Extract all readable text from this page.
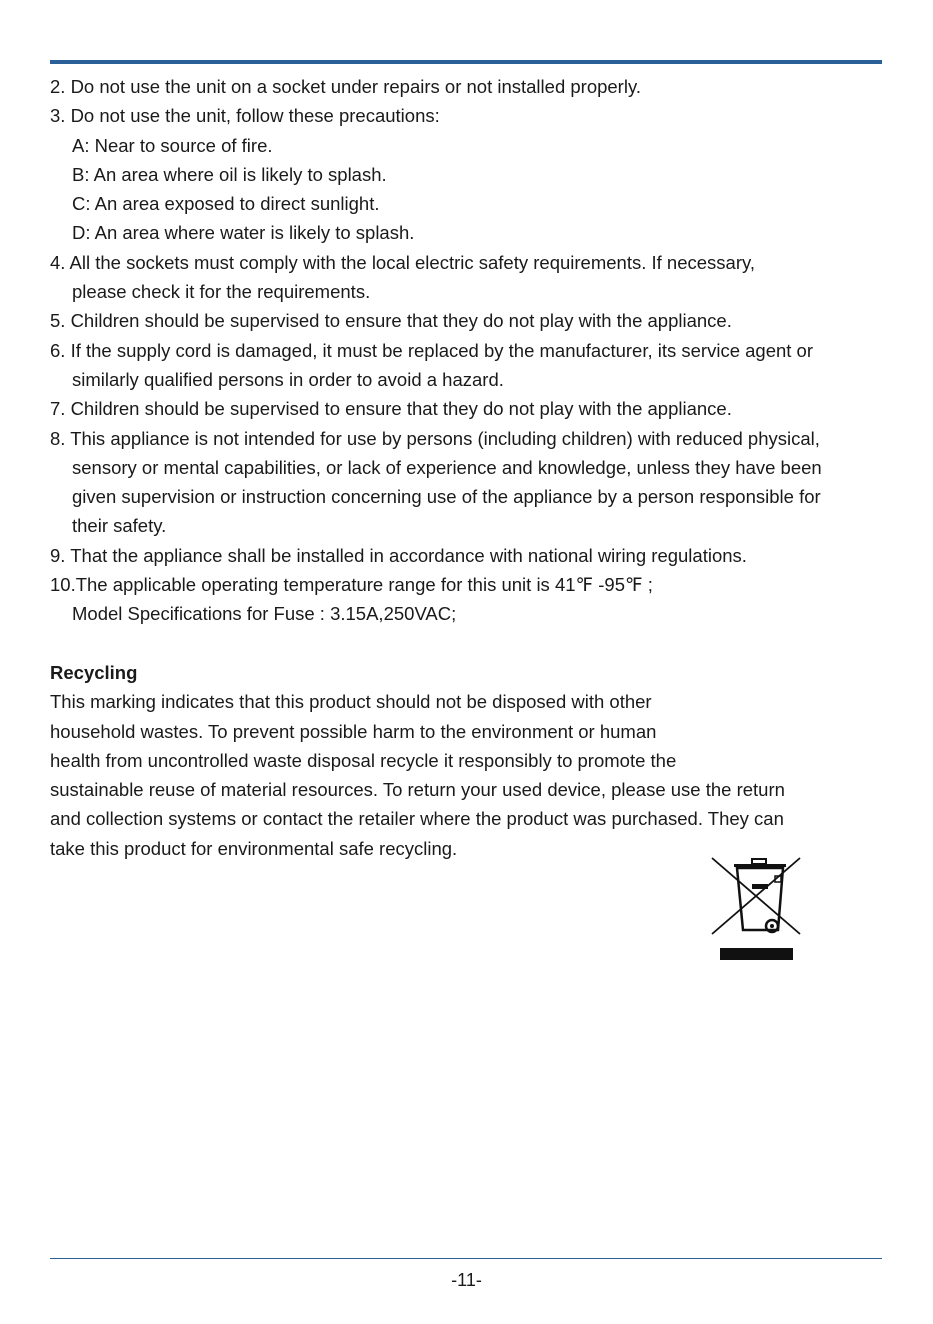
2. Do not use the unit on a socket under repairs or not installed properly.
3. Do not use the unit, follow these precautions:
A: Near to source of fire.
B: An area where oil is likely to splash.
C: An area exposed to direct sunlight.
D: An area where water is likely to splash.
4. All the sockets must comply with the local electric safety requirements. If necessary,
please check it for the requirements.
5. Children should be supervised to ensure that they do not play with the appliance.
6. If the supply cord is damaged, it must be replaced by the manufacturer, its service agent or
similarly qualified persons in order to avoid a hazard.
7. Children should be supervised to ensure that they do not play with the appliance.
8. This appliance is not intended for use by persons (including children) with reduced physical,
sensory or mental capabilities, or lack of experience and knowledge, unless they have been
given supervision or instruction concerning use of the appliance by a person responsible for
their safety.
9. That the appliance shall be installed in accordance with national wiring regulations.
10.The applicable operating temperature range for this unit is 41℉ -95℉ ;
Model Specifications for Fuse : 3.15A,250VAC;
Recycling
This marking indicates that this product should not be disposed with other
household wastes. To prevent possible harm to the environment or human
health from uncontrolled waste disposal recycle it responsibly to promote the
sustainable reuse of material resources. To return your used device, please use the return
and collection systems or contact the retailer where the product was purchased. They can
take this product for environmental safe recycling.
-11-
